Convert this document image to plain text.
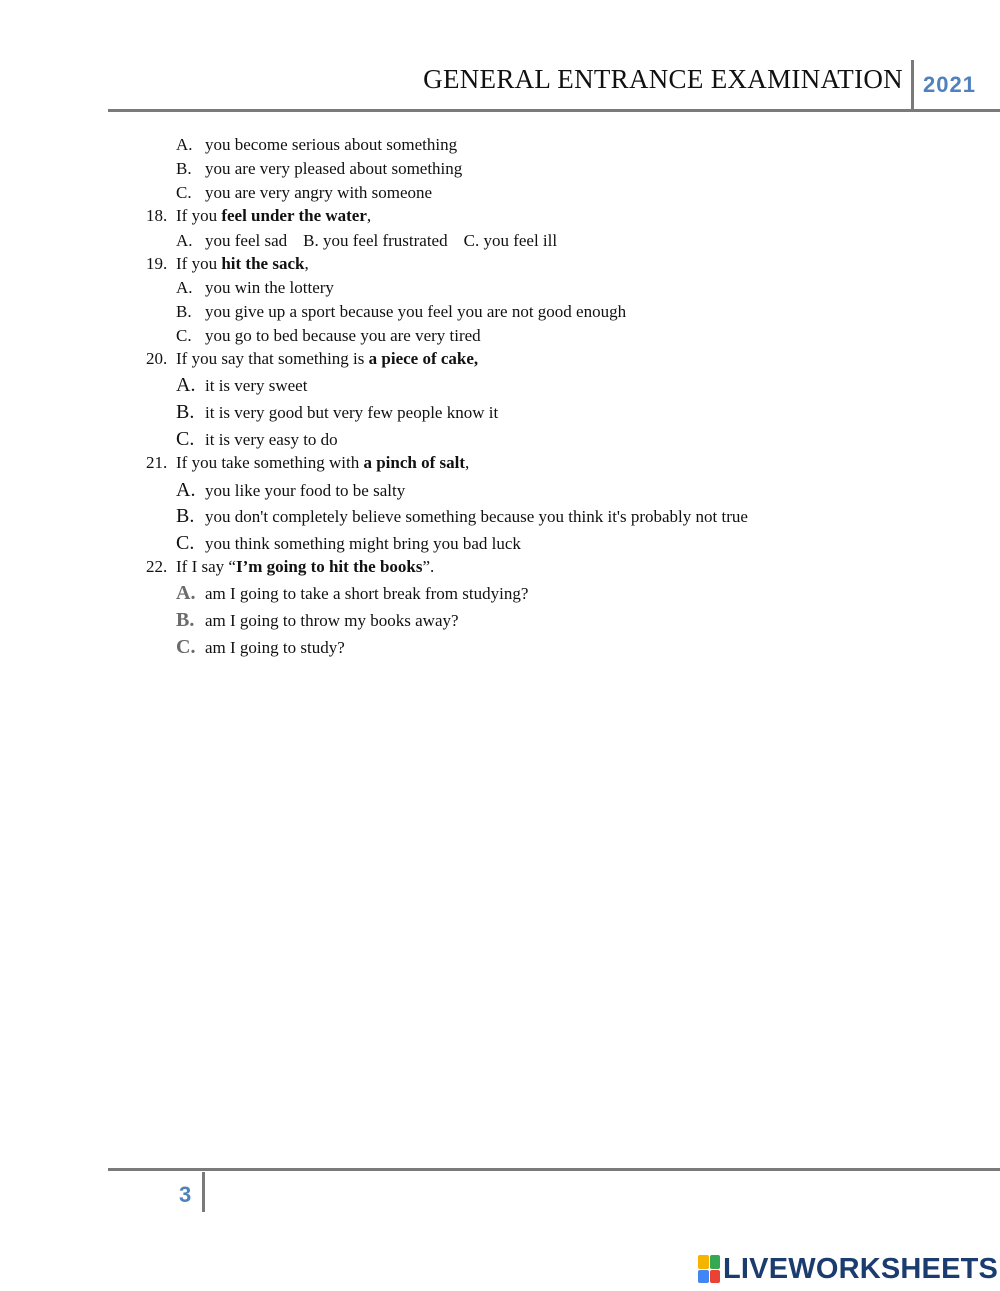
GENERAL ENTRANCE EXAMINATION 2021
A. you become serious about something
B. you are very pleased about something
C. you are very angry with someone
18. If you feel under the water,
A. you feel sad B. you feel frustrated C. you feel ill
19. If you hit the sack,
A. you win the lottery
B. you give up a sport because you feel you are not good enough
C. you go to bed because you are very tired
20. If you say that something is a piece of cake,
A. it is very sweet
B. it is very good but very few people know it
C. it is very easy to do
21. If you take something with a pinch of salt,
A. you like your food to be salty
B. you don't completely believe something because you think it's probably not true
C. you think something might bring you bad luck
22. If I say “I’m going to hit the books”.
A. am I going to take a short break from studying?
B. am I going to throw my books away?
C. am I going to study?
3
LIVEWORKSHEETS
